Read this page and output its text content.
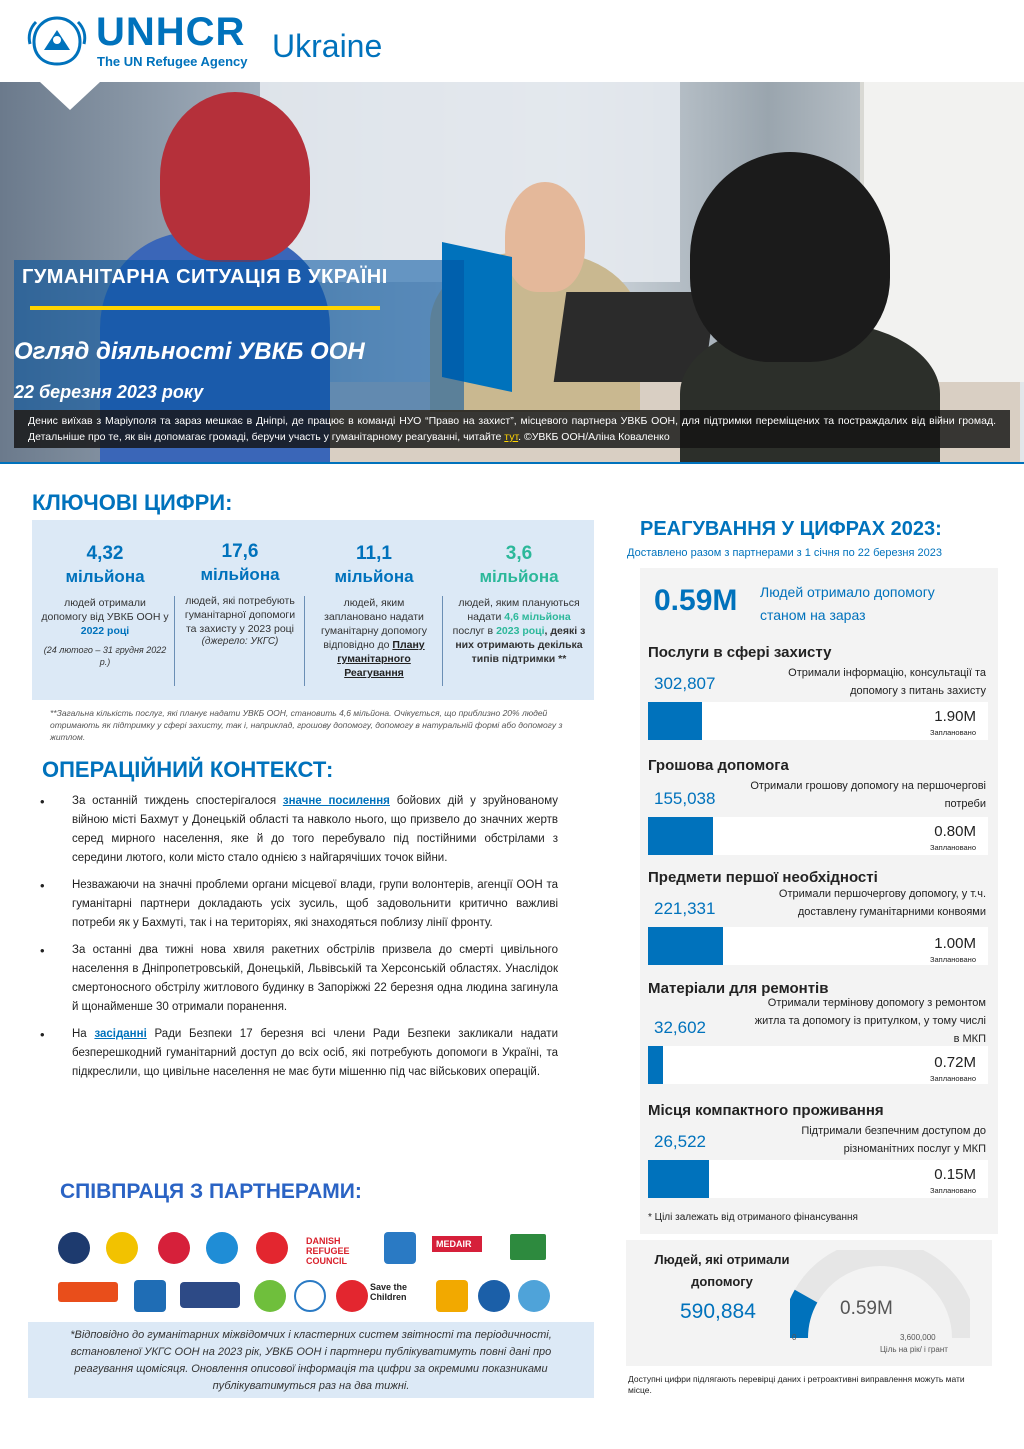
UNHCR
The UN Refugee Agency Ukraine
ГУМАНІТАРНА СИТУАЦІЯ В УКРАЇНІ
Огляд діяльності УВКБ ООН
22 березня 2023 року
Денис виїхав з Маріуполя та зараз мешкає в Дніпрі, де працює в команді НУО “Право на захист”, місцевого партнера УВКБ ООН, для підтримки переміщених та постраждалих від війни громад. Детальніше про те, як він допомагає громаді, беручи участь у гуманітарному реагуванні, читайте тут. ©УВКБ ООН/Аліна Коваленко
КЛЮЧОВІ ЦИФРИ:
4,32
мільйона
людей отримали допомогу від УВКБ ООН у 2022 році
(24 лютого – 31 грудня 2022 р.)
17,6
мільйона
людей, які потребують гуманітарної допомоги та захисту у 2023 році
(джерело: УКГС)
11,1
мільйона
людей, яким заплановано надати гуманітарну допомогу відповідно до Плану гуманітарного Реагування
3,6
мільйона
людей, яким плануються надати 4,6 мільйона послуг в 2023 році, деякі з них отримають декілька типів підтримки **
**Загальна кількість послуг, які планує надати УВКБ ООН, становить 4,6 мільйона. Очікується, що приблизно 20% людей отримають як підтримку у сфері захисту, так і, наприклад, грошову допомогу, допомогу в натуральній формі або допомогу з житлом.
ОПЕРАЦІЙНИЙ КОНТЕКСТ:
• За останній тиждень спостерігалося значне посилення бойових дій у зруйнованому війною місті Бахмут у Донецькій області та навколо нього, що призвело до значних жертв серед мирного населення, яке й до того перебувало під постійними обстрілами з середини лютого, коли місто стало однією з найгарячіших точок війни.
• Незважаючи на значні проблеми органи місцевої влади, групи волонтерів, агенції ООН та гуманітарні партнери докладають усіх зусиль, щоб задовольнити критично важливі потреби як у Бахмуті, так і на територіях, які знаходяться поблизу лінії фронту.
• За останні два тижні нова хвиля ракетних обстрілів призвела до смерті цивільного населення в Дніпропетровській, Донецькій, Львівській та Херсонській областях. Унаслідок смертоносного обстрілу житлового будинку в Запоріжжі 22 березня одна людина загинула й щонайменше 30 отримали поранення.
• На засіданні Ради Безпеки 17 березня всі члени Ради Безпеки закликали надати безперешкодний гуманітарний доступ до всіх осіб, які потребують допомоги в Україні, та підкреслили, що цивільне населення не має бути мішенню під час військових операцій.
СПІВПРАЦЯ З ПАРТНЕРАМИ:
DANISH REFUGEE COUNCIL
MEDAIR
Save the Children
*Відповідно до гуманітарних міжвідомчих і кластерних систем звітності та періодичності, встановленої УКГС ООН на 2023 рік, УВКБ ООН і партнери публікуватимуть повні дані про реагування щомісяця. Оновлення описової інформація та цифри за окремими показниками публікуватимуться раз на два тижні.
РЕАГУВАННЯ У ЦИФРАХ 2023:
Доставлено разом з партнерами з 1 січня по 22 березня 2023
0.59M Людей отримало допомогу станом на зараз
Послуги в сфері захисту
302,807
Отримали інформацію, консультації та допомогу з питань захисту
1.90M
Заплановано
Грошова допомога
155,038
Отримали грошову допомогу на першочергові потреби
0.80M
Заплановано
Предмети першої необхідності
221,331
Отримали першочергову допомогу, у т.ч. доставлену гуманітарними конвоями
1.00M
Заплановано
Матеріали для ремонтів
32,602
Отримали термінову допомогу з ремонтом житла та допомогу із притулком, у тому числі в МКП
0.72M
Заплановано
Місця компактного проживання
26,522
Підтримали безпечним доступом до різноманітних послуг у МКП
0.15M
Заплановано
* Цілі залежать від отриманого фінансування
Людей, які отримали допомогу
590,884	0.59M
0	3,600,000
Ціль на рік/ і грант
Доступні цифри підлягають перевірці даних і ретроактивні виправлення можуть мати місце.
